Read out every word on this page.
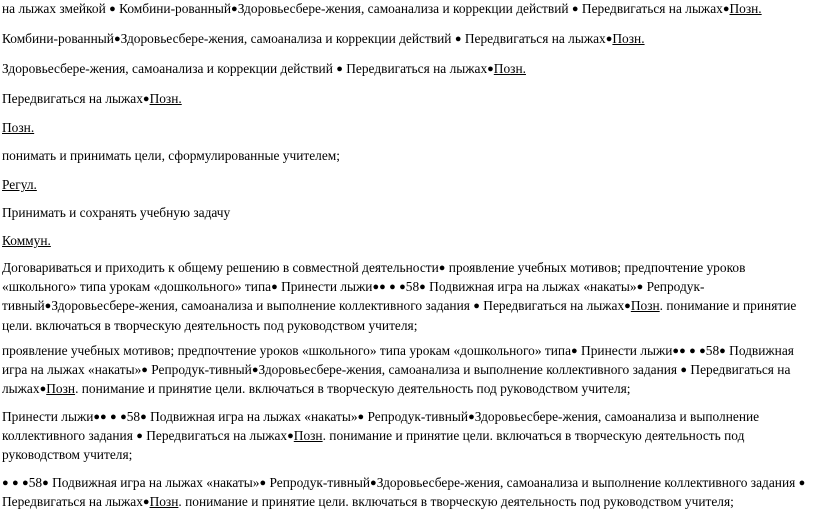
на лыжах змейкой ● Комбини-рованный●Здоровьесбере-жения, самоанализа и коррекции действий ● Передвигаться на лыжах●Позн.
Комбини-рованный●Здоровьесбере-жения, самоанализа и коррекции действий ● Передвигаться на лыжах●Позн.
Здоровьесбере-жения, самоанализа и коррекции действий ● Передвигаться на лыжах●Позн.
Передвигаться на лыжах●Позн.
Позн.
понимать и принимать цели, сформулированные учителем;
Регул.
Принимать и сохранять учебную задачу
Коммун.
Договариваться и приходить к общему решению в совместной деятельности● проявление учебных мотивов; предпочтение уроков «школьного» типа урокам «дошкольного» типа● Принести лыжи●● ● ●58● Подвижная игра на лыжах «накаты»● Репродук-тивный●Здоровьесбере-жения, самоанализа и выполнение коллективного задания ● Передвигаться на лыжах●Позн. понимание и принятие цели. включаться в творческую деятельность под руководством учителя;
проявление учебных мотивов; предпочтение уроков «школьного» типа урокам «дошкольного» типа● Принести лыжи●● ● ●58● Подвижная игра на лыжах «накаты»● Репродук-тивный●Здоровьесбере-жения, самоанализа и выполнение коллективного задания ● Передвигаться на лыжах●Позн. понимание и принятие цели. включаться в творческую деятельность под руководством учителя;
Принести лыжи●● ● ●58● Подвижная игра на лыжах «накаты»● Репродук-тивный●Здоровьесбере-жения, самоанализа и выполнение коллективного задания ● Передвигаться на лыжах●Позн. понимание и принятие цели. включаться в творческую деятельность под руководством учителя;
● ● ●58● Подвижная игра на лыжах «накаты»● Репродук-тивный●Здоровьесбере-жения, самоанализа и выполнение коллективного задания ● Передвигаться на лыжах●Позн. понимание и принятие цели. включаться в творческую деятельность под руководством учителя;
